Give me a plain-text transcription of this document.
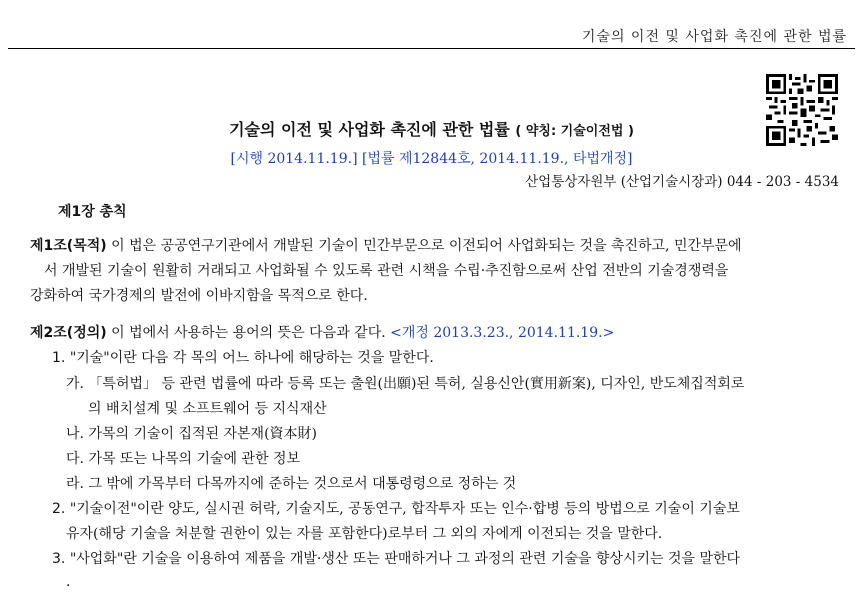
기술의 이전 및 사업화 촉진에 관한 법률
기술의 이전 및 사업화 촉진에 관한 법률 ( 약칭: 기술이전법 )
[시행 2014.11.19.] [법률 제12844호, 2014.11.19., 타법개정]
산업통상자원부 (산업기술시장과) 044 - 203 - 4534
제1장 총칙
제1조(목적) 이 법은 공공연구기관에서 개발된 기술이 민간부문으로 이전되어 사업화되는 것을 촉진하고, 민간부문에
서 개발된 기술이 원활히 거래되고 사업화될 수 있도록 관련 시책을 수립·추진함으로써 산업 전반의 기술경쟁력을
강화하여 국가경제의 발전에 이바지함을 목적으로 한다.
제2조(정의) 이 법에서 사용하는 용어의 뜻은 다음과 같다. <개정 2013.3.23., 2014.11.19.>
1. "기술"이란 다음 각 목의 어느 하나에 해당하는 것을 말한다.
가. 「특허법」 등 관련 법률에 따라 등록 또는 출원(出願)된 특허, 실용신안(實用新案), 디자인, 반도체집적회로
의 배치설계 및 소프트웨어 등 지식재산
나. 가목의 기술이 집적된 자본재(資本財)
다. 가목 또는 나목의 기술에 관한 정보
라. 그 밖에 가목부터 다목까지에 준하는 것으로서 대통령령으로 정하는 것
2. "기술이전"이란 양도, 실시권 허락, 기술지도, 공동연구, 합작투자 또는 인수·합병 등의 방법으로 기술이 기술보
유자(해당 기술을 처분할 권한이 있는 자를 포함한다)로부터 그 외의 자에게 이전되는 것을 말한다.
3. "사업화"란 기술을 이용하여 제품을 개발·생산 또는 판매하거나 그 과정의 관련 기술을 향상시키는 것을 말한다
.
